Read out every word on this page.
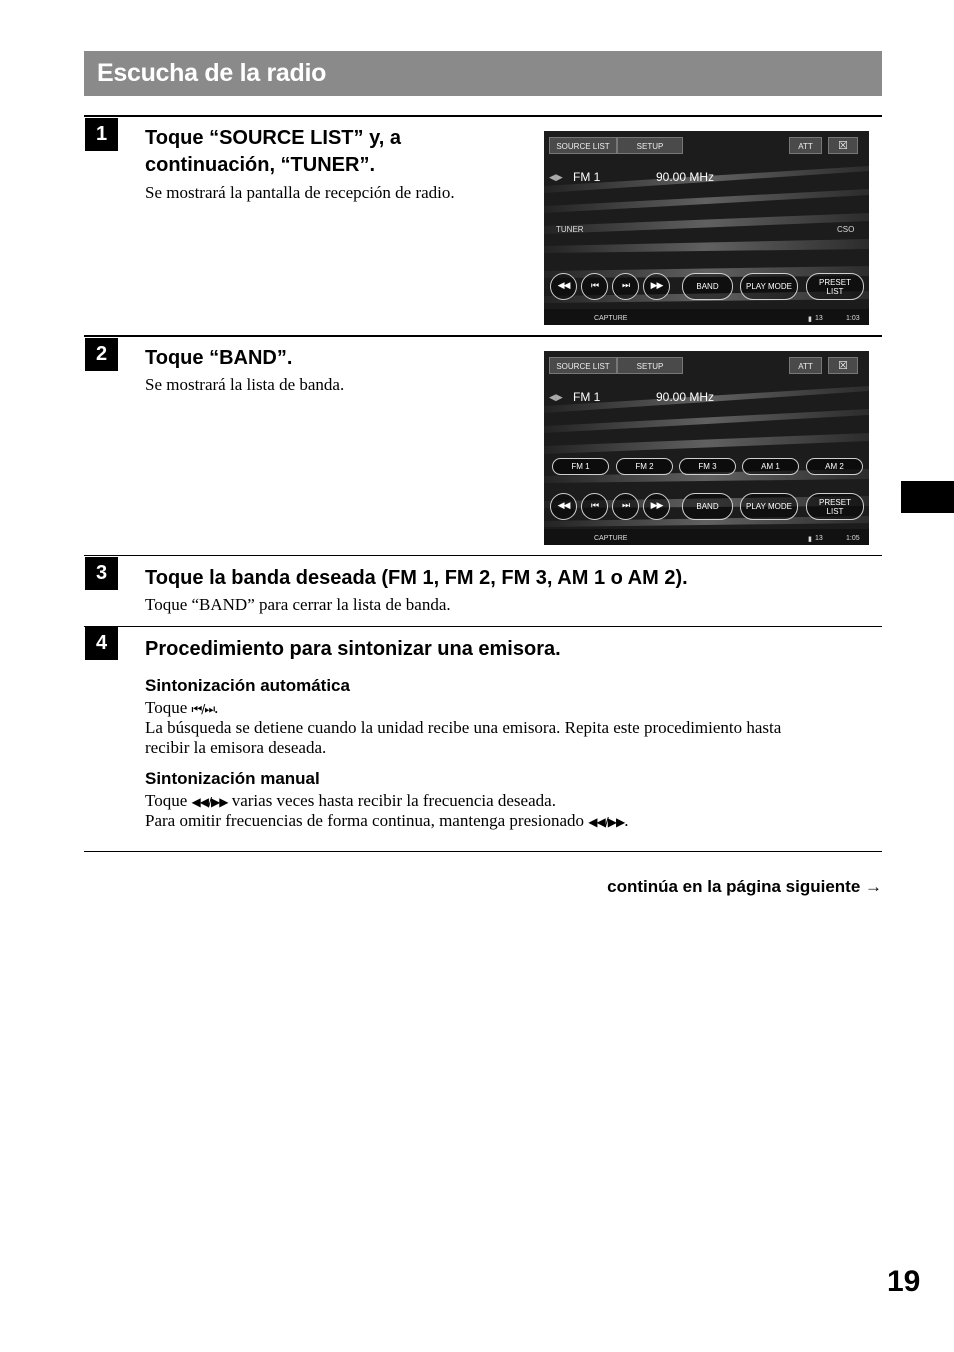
Escucha de la radio
1	Toque “SOURCE LIST” y, a
continuación, “TUNER”.
Se mostrará la pantalla de recepción de radio.
SOURCE LIST	SETUP	ATT	☒
◀▶ FM 1	90.00 MHz
TUNER	CSO
◀◀	⏮	⏭	▶▶	BAND	PLAY MODE	PRESET
LIST
CAPTURE	▮ 13	1:03
2	Toque “BAND”.
Se mostrará la lista de banda.
SOURCE LIST	SETUP	ATT	☒
◀▶ FM 1	90.00 MHz
FM 1	FM 2	FM 3	AM 1	AM 2
◀◀	⏮	⏭	▶▶	BAND	PLAY MODE	PRESET
LIST
CAPTURE	▮ 13	1:05
3	Toque la banda deseada (FM 1, FM 2, FM 3, AM 1 o AM 2).
Toque “BAND” para cerrar la lista de banda.
4	Procedimiento para sintonizar una emisora.
Sintonización automática
Toque ⏮/⏭.
La búsqueda se detiene cuando la unidad recibe una emisora. Repita este procedimiento hasta
recibir la emisora deseada.
Sintonización manual
Toque ◀◀/▶▶ varias veces hasta recibir la frecuencia deseada.
Para omitir frecuencias de forma continua, mantenga presionado ◀◀/▶▶.
continúa en la página siguiente →
19
